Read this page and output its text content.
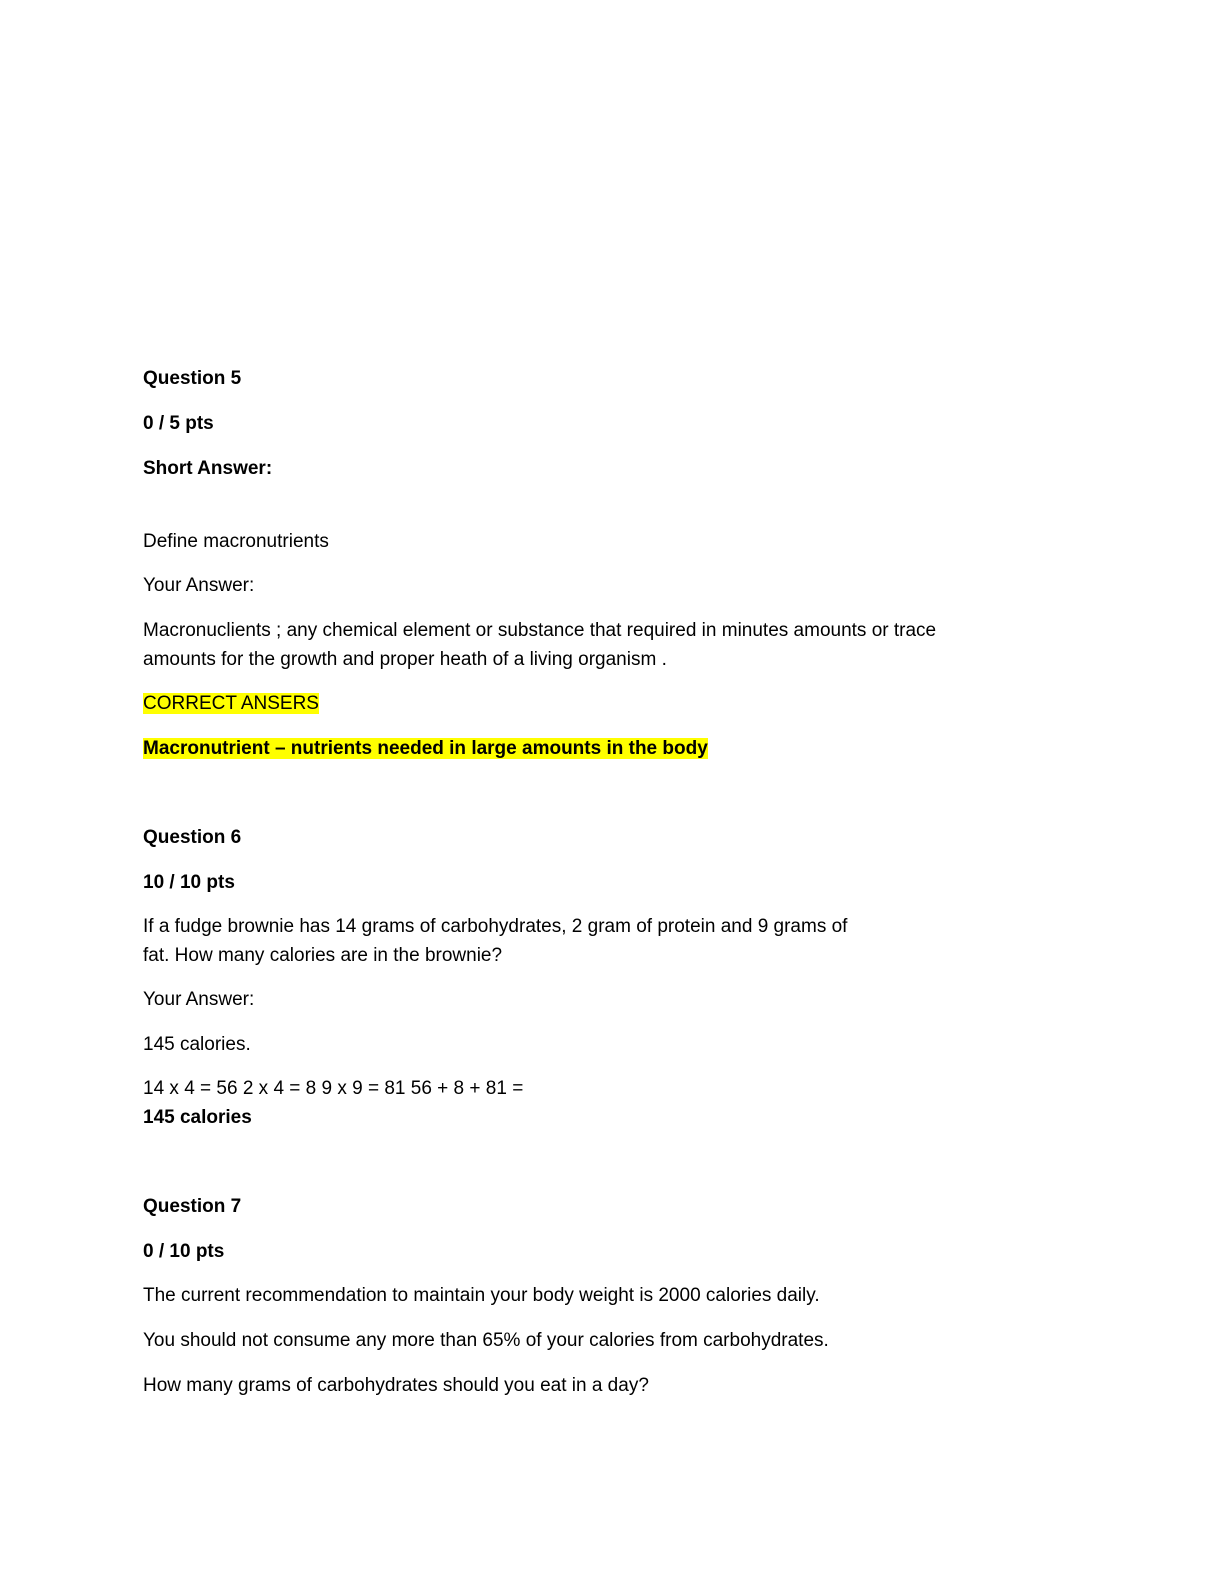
Question 5

0 / 5 pts

Short Answer:

Define macronutrients

Your Answer:

Macronuclients ; any chemical element or substance that required in minutes amounts or trace

amounts for the growth and proper heath of a living organism .

CORRECT ANSERS

Macronutrient – nutrients needed in large amounts in the body

Question 6

10 / 10 pts

If a fudge brownie has 14 grams of carbohydrates, 2 gram of protein and 9 grams of

fat. How many calories are in the brownie?

Your Answer:

145 calories.

14 x 4 = 56 2 x 4 = 8 9 x 9 = 81 56 + 8 + 81 =

145 calories

Question 7

0 / 10 pts

The current recommendation to maintain your body weight is 2000 calories daily.

You should not consume any more than 65% of your calories from carbohydrates.

How many grams of carbohydrates should you eat in a day?
